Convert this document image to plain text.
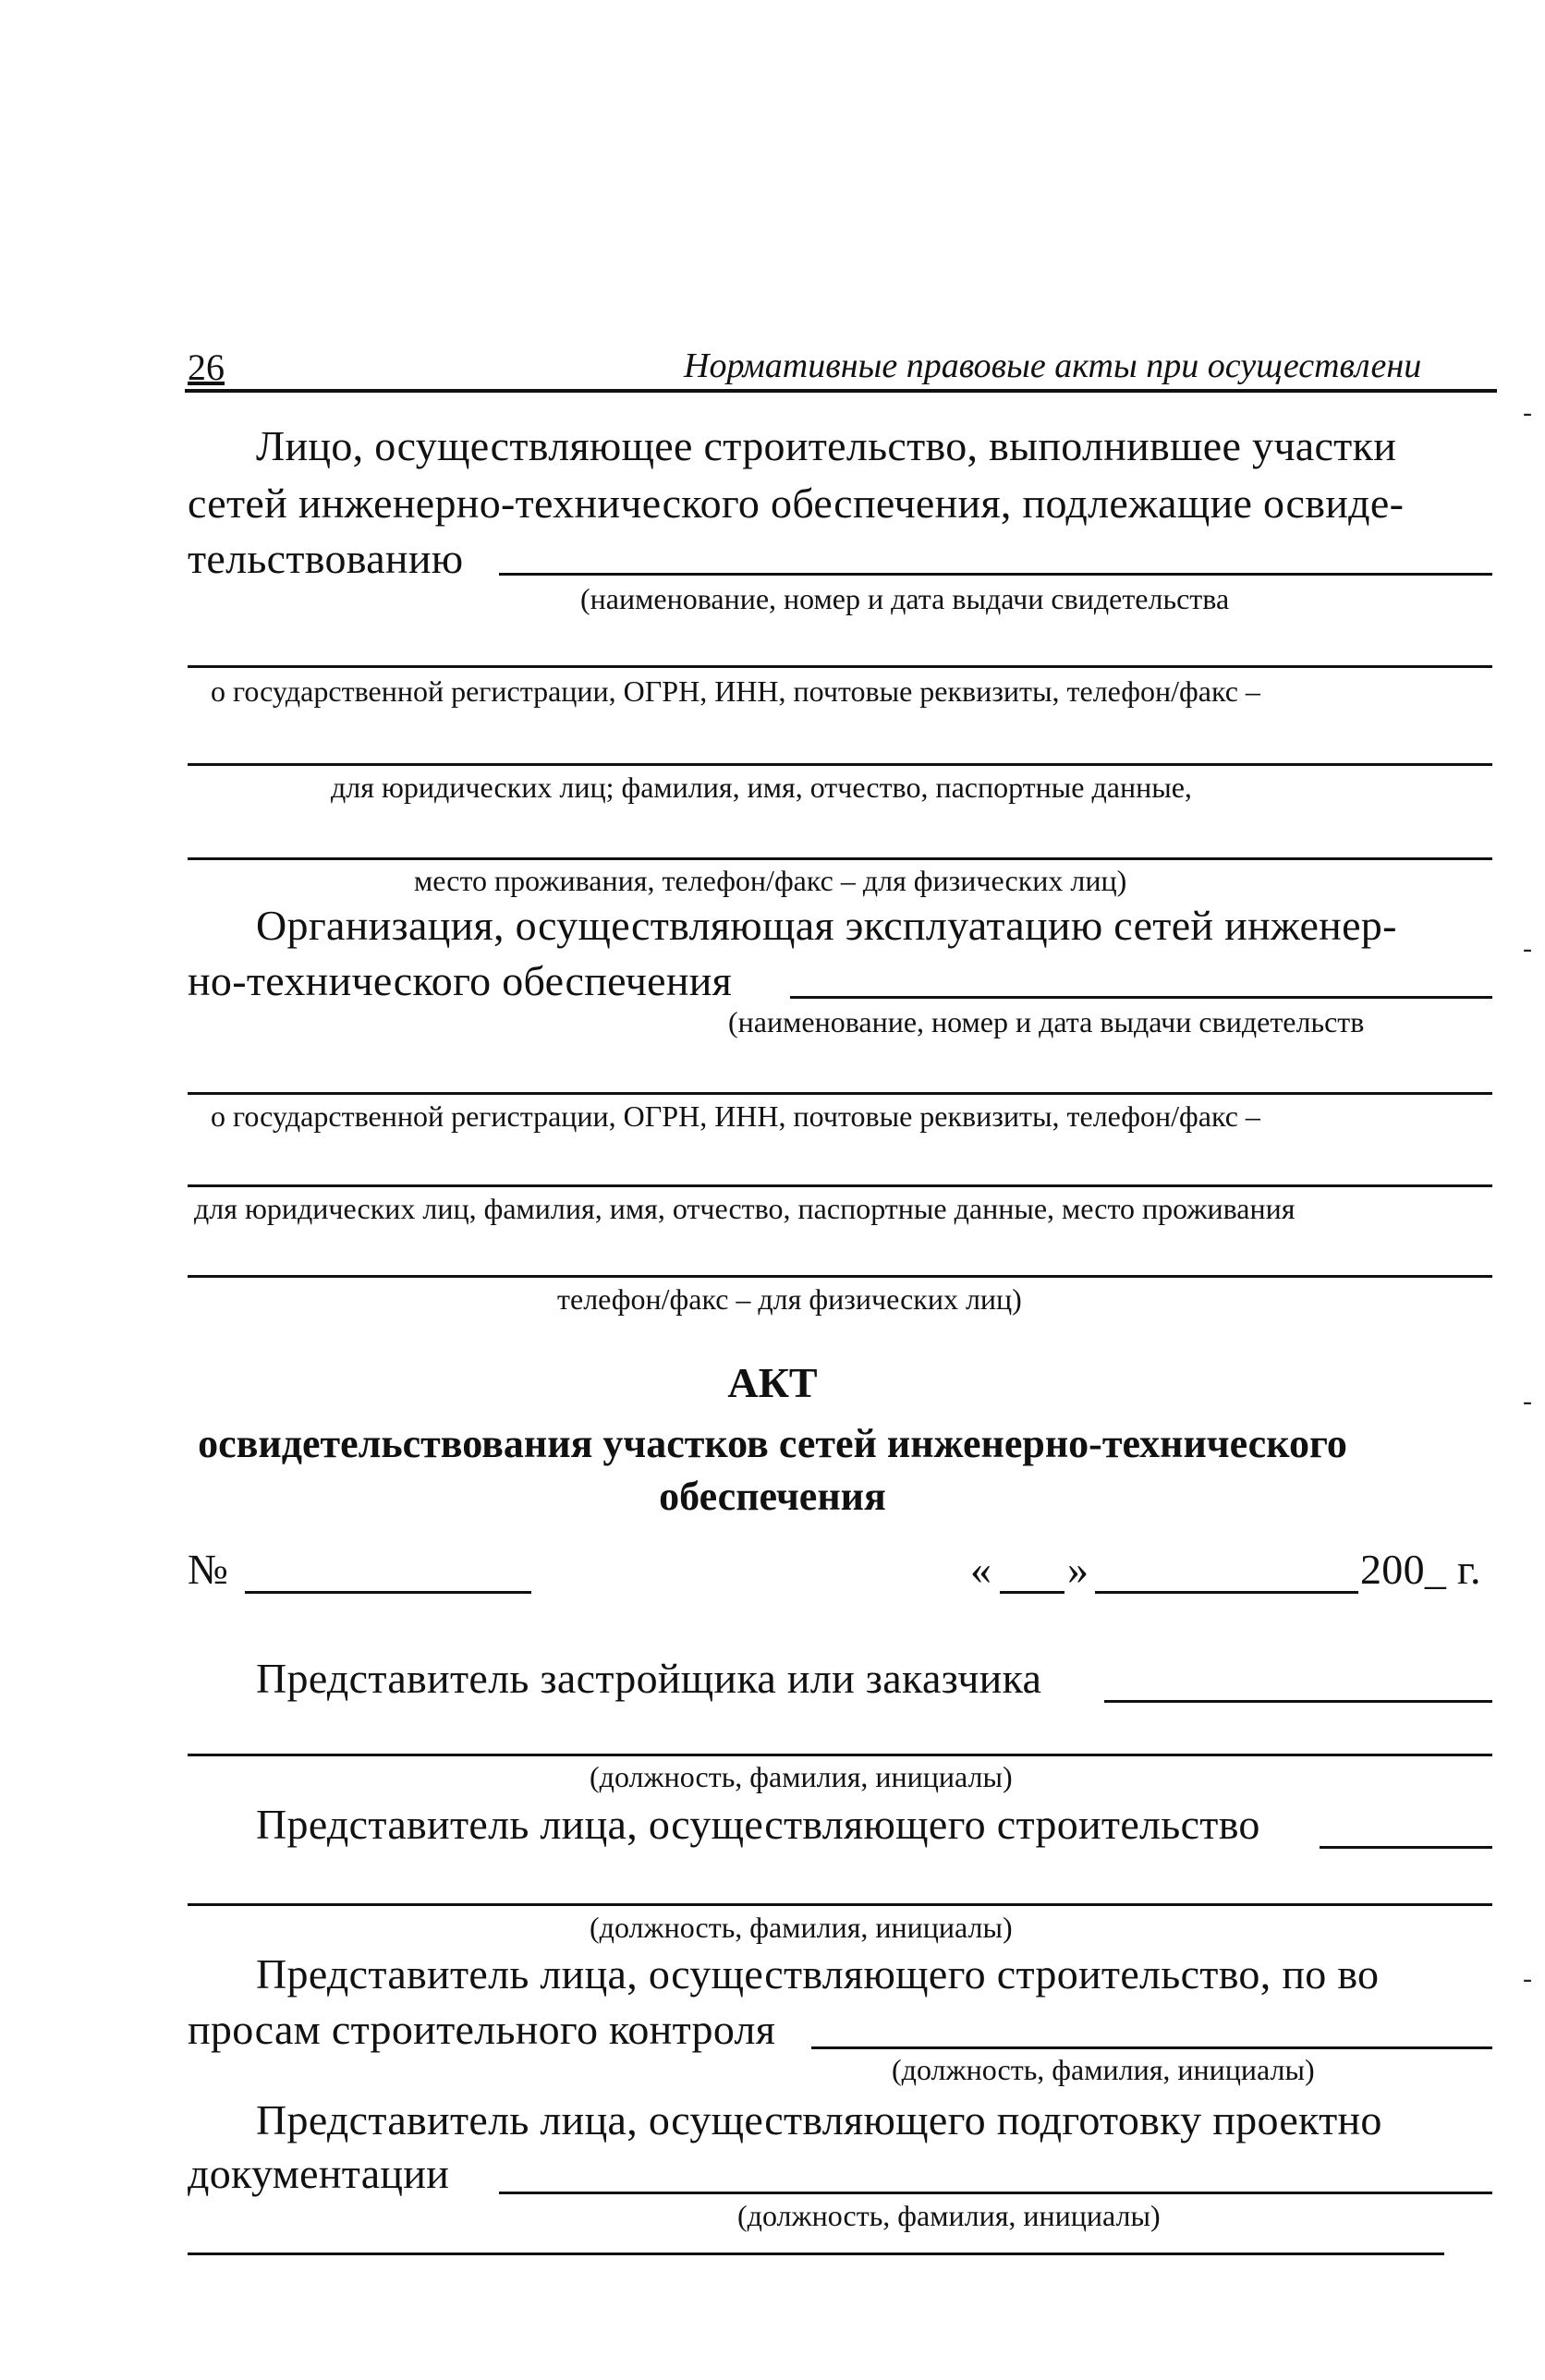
26	Нормативные правовые акты при осуществлени
Лицо, осуществляющее строительство, выполнившее участки
сетей инженерно-технического обеспечения, подлежащие освиде-
тельствованию
(наименование, номер и дата выдачи свидетельства
о государственной регистрации, ОГРН, ИНН, почтовые реквизиты, телефон/факс –
для юридических лиц; фамилия, имя, отчество, паспортные данные,
место проживания, телефон/факс – для физических лиц)
Организация, осуществляющая эксплуатацию сетей инженер-
но-технического обеспечения
(наименование, номер и дата выдачи свидетельств
о государственной регистрации, ОГРН, ИНН, почтовые реквизиты, телефон/факс –
для юридических лиц, фамилия, имя, отчество, паспортные данные, место проживания
телефон/факс – для физических лиц)
АКТ
освидетельствования участков сетей инженерно-технического
обеспечения
№	« »	200_ г.
Представитель застройщика или заказчика
(должность, фамилия, инициалы)
Представитель лица, осуществляющего строительство
(должность, фамилия, инициалы)
Представитель лица, осуществляющего строительство, по во
просам строительного контроля
(должность, фамилия, инициалы)
Представитель лица, осуществляющего подготовку проектно
документации
(должность, фамилия, инициалы)
-
-
-
-
